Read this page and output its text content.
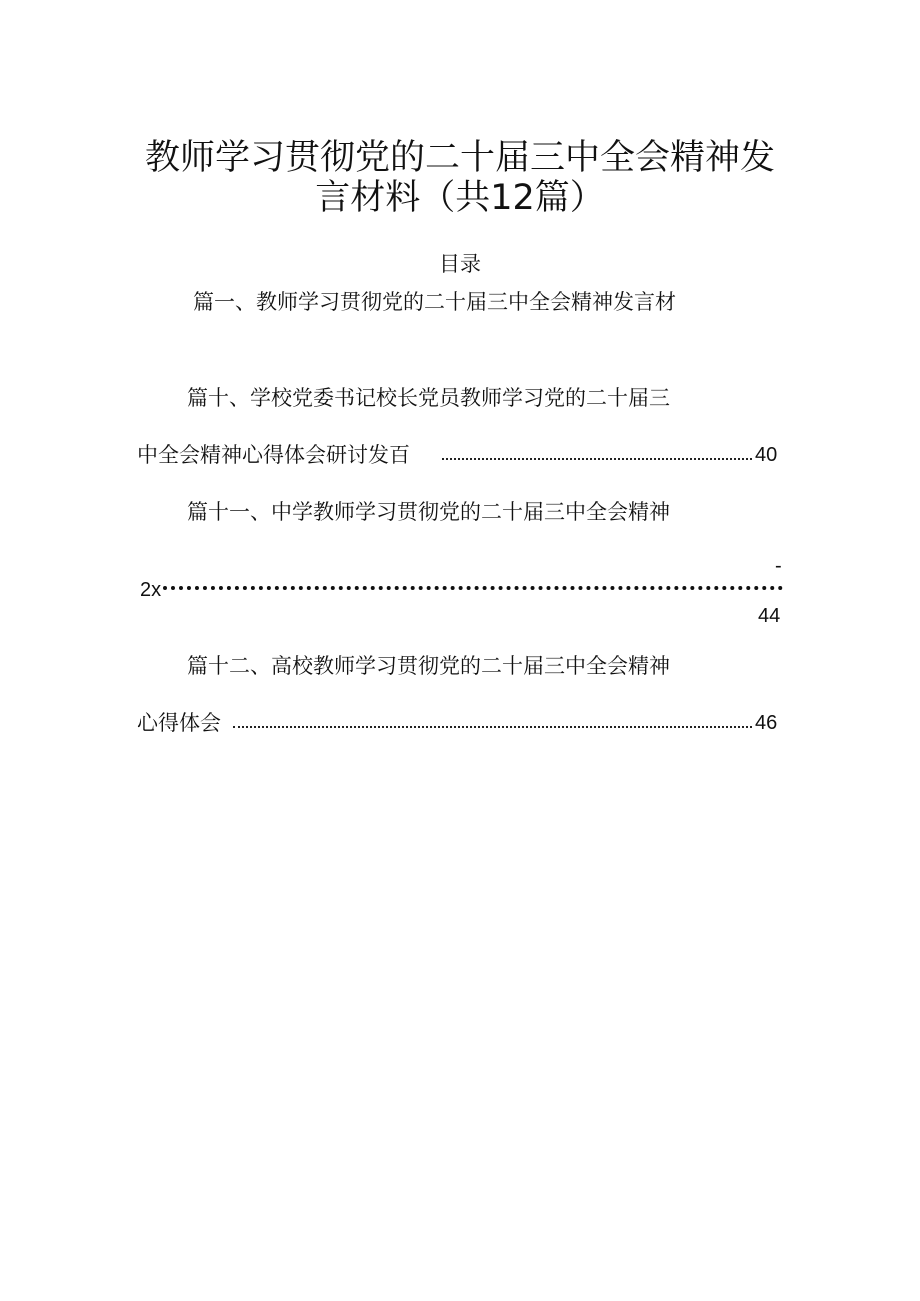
教师学习贯彻党的二十届三中全会精神发
言材料（共12篇）
目录
篇一、教师学习贯彻党的二十届三中全会精神发言材
篇十、学校党委书记校长党员教师学习党的二十届三
中全会精神心得体会研讨发百	40
篇十一、中学教师学习贯彻党的二十届三中全会精神
-
2x
44
篇十二、高校教师学习贯彻党的二十届三中全会精神
心得体会	46
